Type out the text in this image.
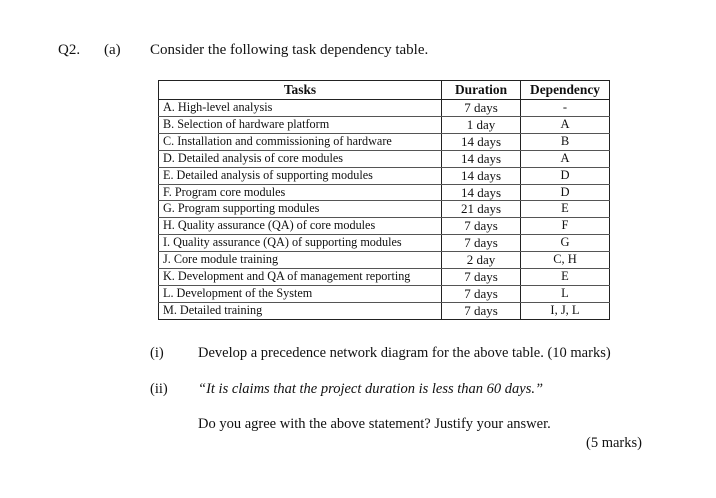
Q2. (a) Consider the following task dependency table.
Tasks	Duration	Dependency
A. High-level analysis	7 days	-
B. Selection of hardware platform	1 day	A
C. Installation and commissioning of hardware	14 days	B
D. Detailed analysis of core modules	14 days	A
E. Detailed analysis of supporting modules	14 days	D
F. Program core modules	14 days	D
G. Program supporting modules	21 days	E
H. Quality assurance (QA) of core modules	7 days	F
I. Quality assurance (QA) of supporting modules	7 days	G
J. Core module training	2 day	C, H
K. Development and QA of management reporting	7 days	E
L. Development of the System	7 days	L
M. Detailed training	7 days	I, J, L
(i) Develop a precedence network diagram for the above table. (10 marks)
(ii) “It is claims that the project duration is less than 60 days.”
Do you agree with the above statement? Justify your answer.
(5 marks)
